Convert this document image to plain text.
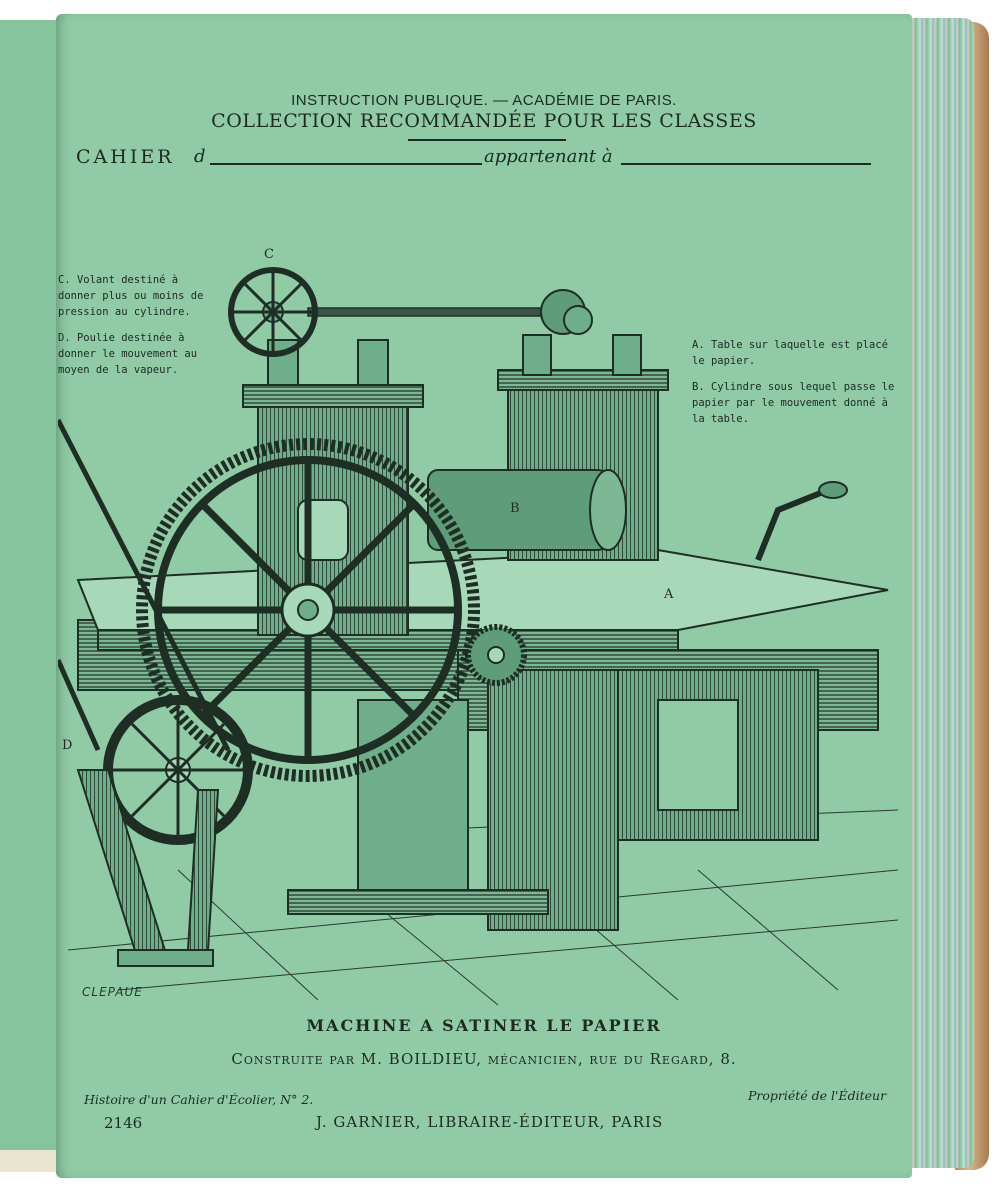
INSTRUCTION PUBLIQUE. — ACADÉMIE DE PARIS.
COLLECTION RECOMMANDÉE POUR LES CLASSES
CAHIER d	appartenant à

C. Volant destiné à donner plus ou moins de pression au cylindre.

D. Poulie destinée à donner le mouvement au moyen de la vapeur.

A. Table sur laquelle est placé le papier.

B. Cylindre sous lequel passe le papier par le mouvement donné à la table.

B
A
C
D
CLEPAUE
MACHINE A SATINER LE PAPIER
Construite par M. BOILDIEU, mécanicien, rue du Regard, 8.
Histoire d'un Cahier d'Écolier, N° 2.	Propriété de l'Éditeur
2146	J. GARNIER, LIBRAIRE-ÉDITEUR, PARIS
